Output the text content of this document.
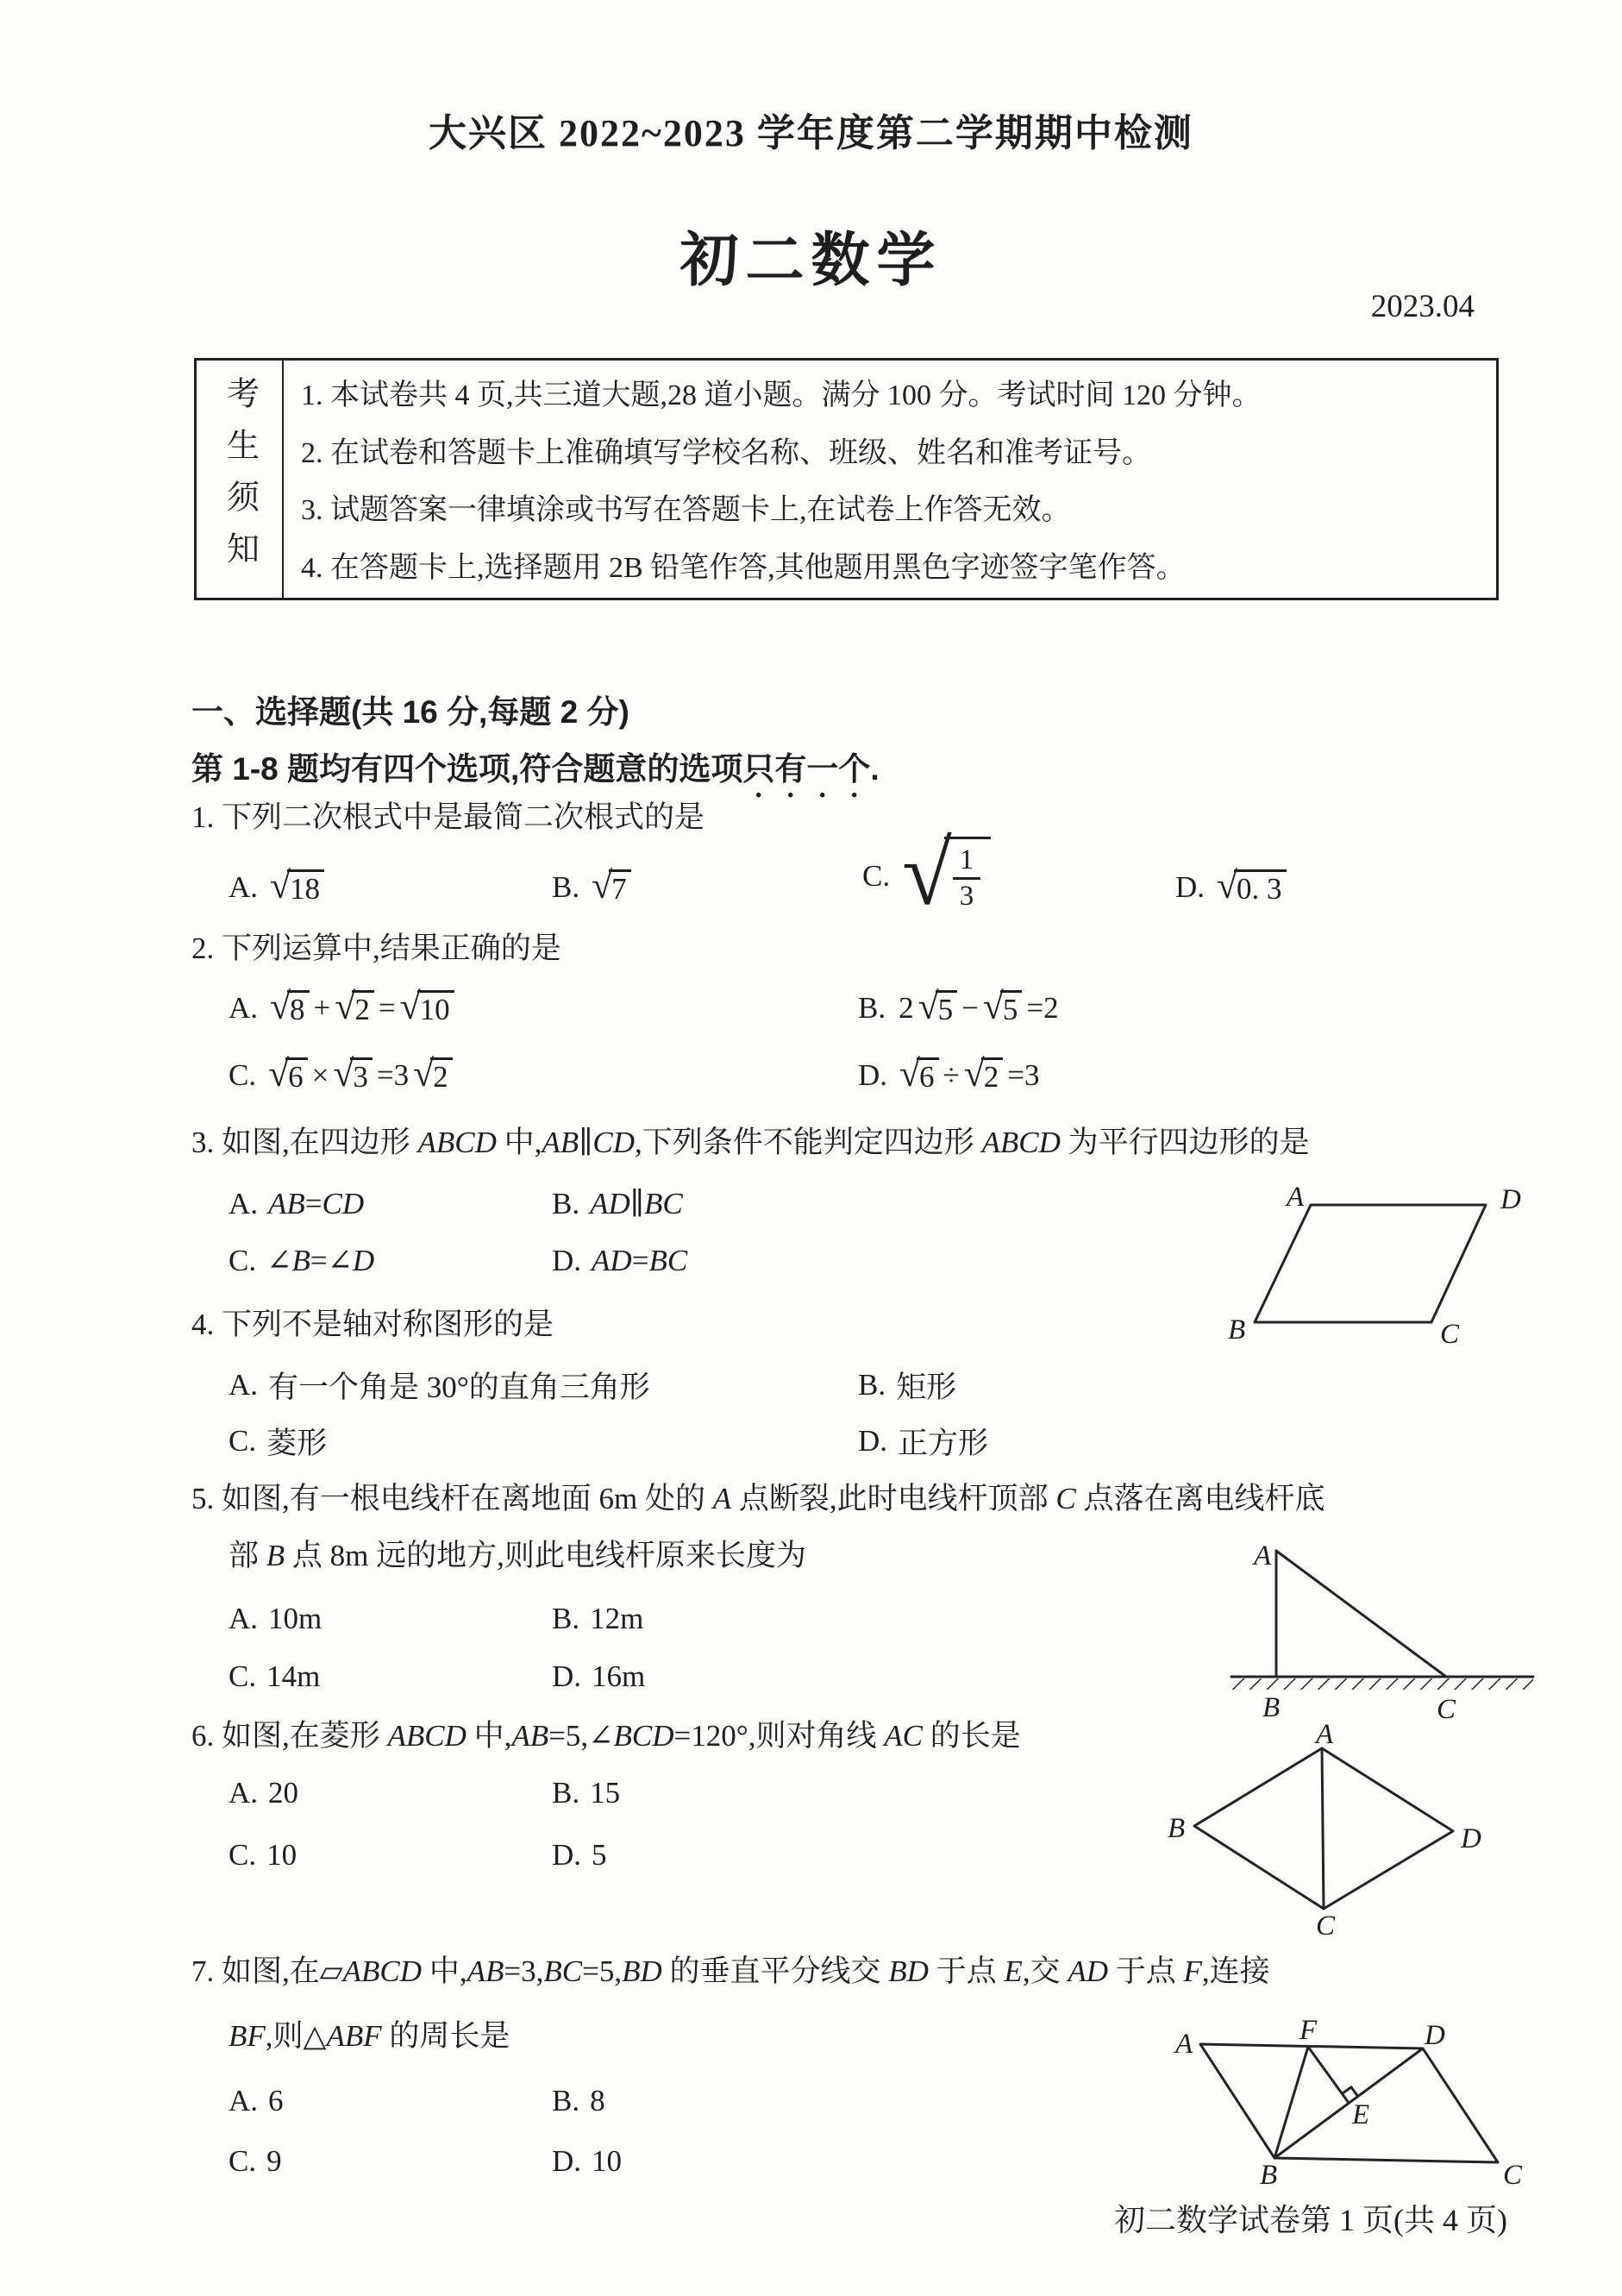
大兴区 2022~2023 学年度第二学期期中检测
初二数学
2023.04
考生须知 1. 本试卷共 4 页,共三道大题,28 道小题。满分 100 分。考试时间 120 分钟。
2. 在试卷和答题卡上准确填写学校名称、班级、姓名和准考证号。
3. 试题答案一律填涂或书写在答题卡上,在试卷上作答无效。
4. 在答题卡上,选择题用 2B 铅笔作答,其他题用黑色字迹签字笔作答。
一、选择题(共 16 分,每题 2 分)
第 1-8 题均有四个选项,符合题意的选项只有一个.
1. 下列二次根式中是最简二次根式的是
A. √ 18	B. √ 7	C. √ $\frac{1}{3}$	D. √ 0. 3
2. 下列运算中,结果正确的是
A. √ 8 + √ 2 = √ 10	B. 2 √ 5 − √ 5 =2
C. √ 6 × √ 3 =3 √ 2	D. √ 6 ÷ √ 2 =3
3. 如图,在四边形 ABCD 中,AB∥CD,下列条件不能判定四边形 ABCD 为平行四边形的是
A. AB=CD	B. AD∥BC
C. ∠B=∠D	D. AD=BC
A	D
B	C
4. 下列不是轴对称图形的是
A. 有一个角是 30°的直角三角形	B. 矩形
C. 菱形	D. 正方形
5. 如图,有一根电线杆在离地面 6m 处的 A 点断裂,此时电线杆顶部 C 点落在离电线杆底
部 B 点 8m 远的地方,则此电线杆原来长度为
A. 10m	B. 12m
C. 14m	D. 16m
A
B	C
6. 如图,在菱形 ABCD 中,AB=5,∠BCD=120°,则对角线 AC 的长是
A. 20	B. 15
C. 10	D. 5
A
B	D
C
7. 如图,在▱ABCD 中,AB=3,BC=5,BD 的垂直平分线交 BD 于点 E,交 AD 于点 F,连接
BF,则△ABF 的周长是
A. 6	B. 8
C. 9	D. 10
A	F	D
B	C
E
初二数学试卷第 1 页(共 4 页)
